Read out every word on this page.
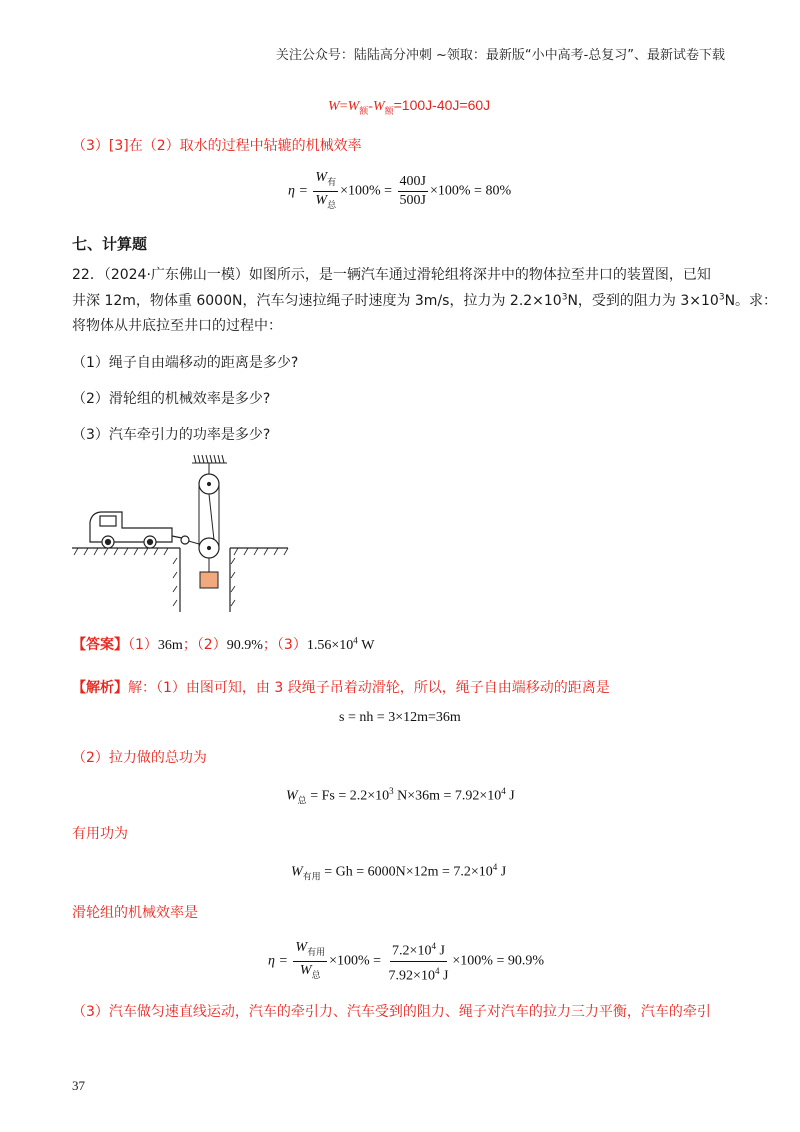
关注公众号：陆陆高分冲刺 ~领取：最新版“小中高考-总复习”、最新试卷下载
$W=W_额-W_额=100J-40J=60J$
（3）[3]在（2）取水的过程中轱辘的机械效率
$\eta = \frac{W_有}{W_总} \times 100\% = \frac{400J}{500J} \times 100\% = 80\%$
七、计算题
22．（2024·广东佛山一模）如图所示，是一辆汽车通过滑轮组将深井中的物体拉至井口的装置图，已知
井深 12m，物体重 6000N，汽车匀速拉绳子时速度为 3m/s，拉力为 $2.2\times 10^3N$，受到的阻力为 $3\times 10^3N$。求：
将物体从井底拉至井口的过程中：
（1）绳子自由端移动的距离是多少?
（2）滑轮组的机械效率是多少?
（3）汽车牵引力的功率是多少?
【答案】（1）36m；（2）90.9%；$(3)1.56\times 10^4$ W
【解析】解：（1）由图可知，由 3 段绳子吊着动滑轮，所以，绳子自由端移动的距离是
s = nh = 3×12m=36m
（2）拉力做的总功为
$W_总 = Fs = 2.2\times 10^3$ $N\times 36m = 7.92\times 10^4$ J
有用功为
$W_{有用} = Gh = 6000N\times 12m = 7.2\times 10^4$ J
滑轮组的机械效率是
$\eta = \frac{W_{有用}}{W_总} \times 100\% = \frac{7.2\times 10^4 J}{7.92\times 10^4 J} \times 100\% = 90.9\%$
（3）汽车做匀速直线运动，汽车的牵引力、汽车受到的阻力、绳子对汽车的拉力三力平衡，汽车的牵引
37
